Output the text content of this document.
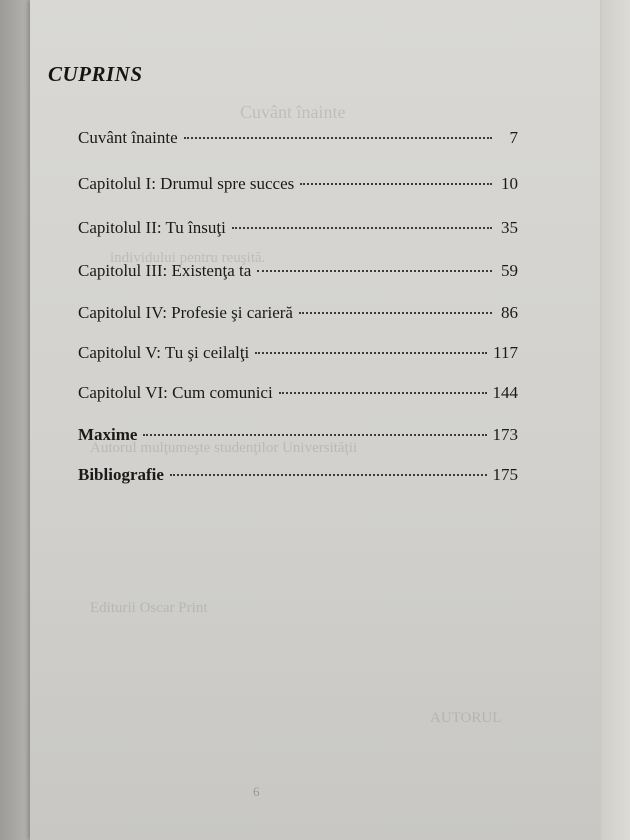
Cuvânt înainte
individului pentru reuşită.
Autorul mulţumeşte studenţilor Universităţii
Editurii Oscar Print
AUTORUL
CUPRINS
Cuvânt înainte	7
Capitolul I: Drumul spre succes	10
Capitolul II: Tu însuţi	35
Capitolul III: Existenţa ta	59
Capitolul IV: Profesie şi carieră	86
Capitolul V: Tu şi ceilalţi	117
Capitolul VI: Cum comunici	144
Maxime	173
Bibliografie	175
6
